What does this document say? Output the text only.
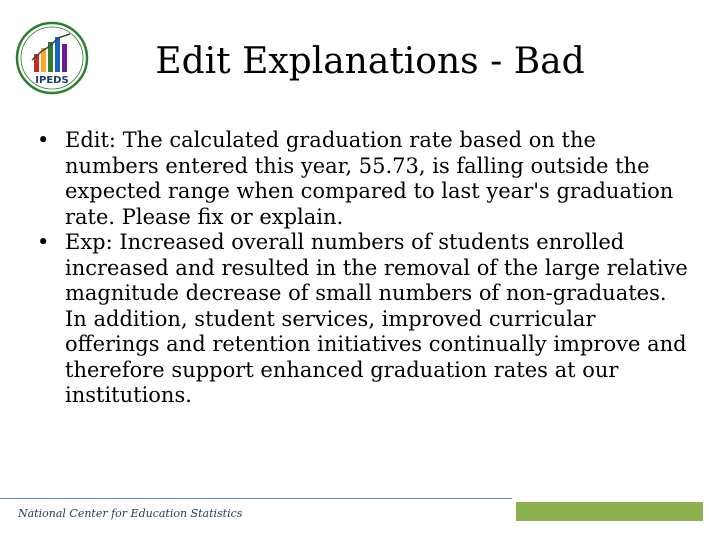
IPEDS	Edit Explanations - Bad
• Edit: The calculated graduation rate based on the numbers entered this year, 55.73, is falling outside the expected range when compared to last year's graduation rate. Please fix or explain.
• Exp: Increased overall numbers of students enrolled increased and resulted in the removal of the large relative magnitude decrease of small numbers of non-graduates. In addition, student services, improved curricular offerings and retention initiatives continually improve and therefore support enhanced graduation rates at our institutions.
National Center for Education Statistics
